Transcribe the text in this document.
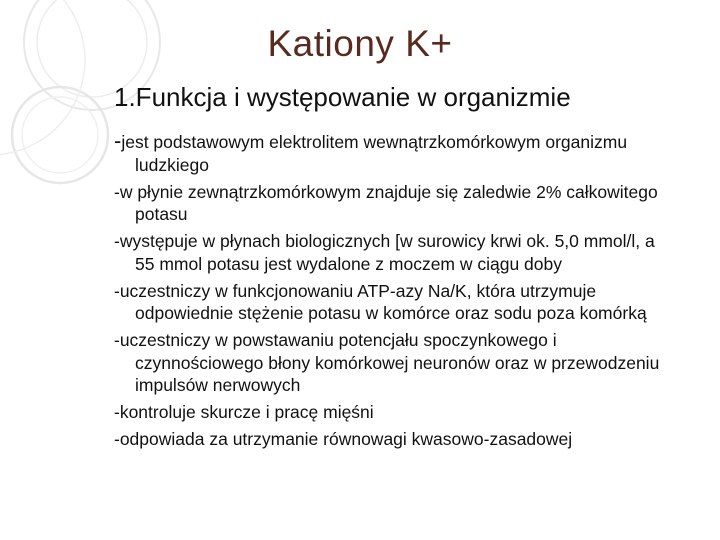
Kationy K+
1.Funkcja i występowanie w organizmie
-jest podstawowym elektrolitem wewnątrzkomórkowym organizmu ludzkiego
-w płynie zewnątrzkomórkowym znajduje się zaledwie 2% całkowitego potasu
-występuje w płynach biologicznych [w surowicy krwi ok. 5,0 mmol/l, a 55 mmol potasu jest wydalone z moczem w ciągu doby
-uczestniczy w funkcjonowaniu ATP-azy Na/K, która utrzymuje odpowiednie stężenie potasu w komórce oraz sodu poza komórką
-uczestniczy w powstawaniu potencjału spoczynkowego i czynnościowego błony komórkowej neuronów oraz w przewodzeniu impulsów nerwowych
-kontroluje skurcze i pracę mięśni
-odpowiada za utrzymanie równowagi kwasowo-zasadowej
